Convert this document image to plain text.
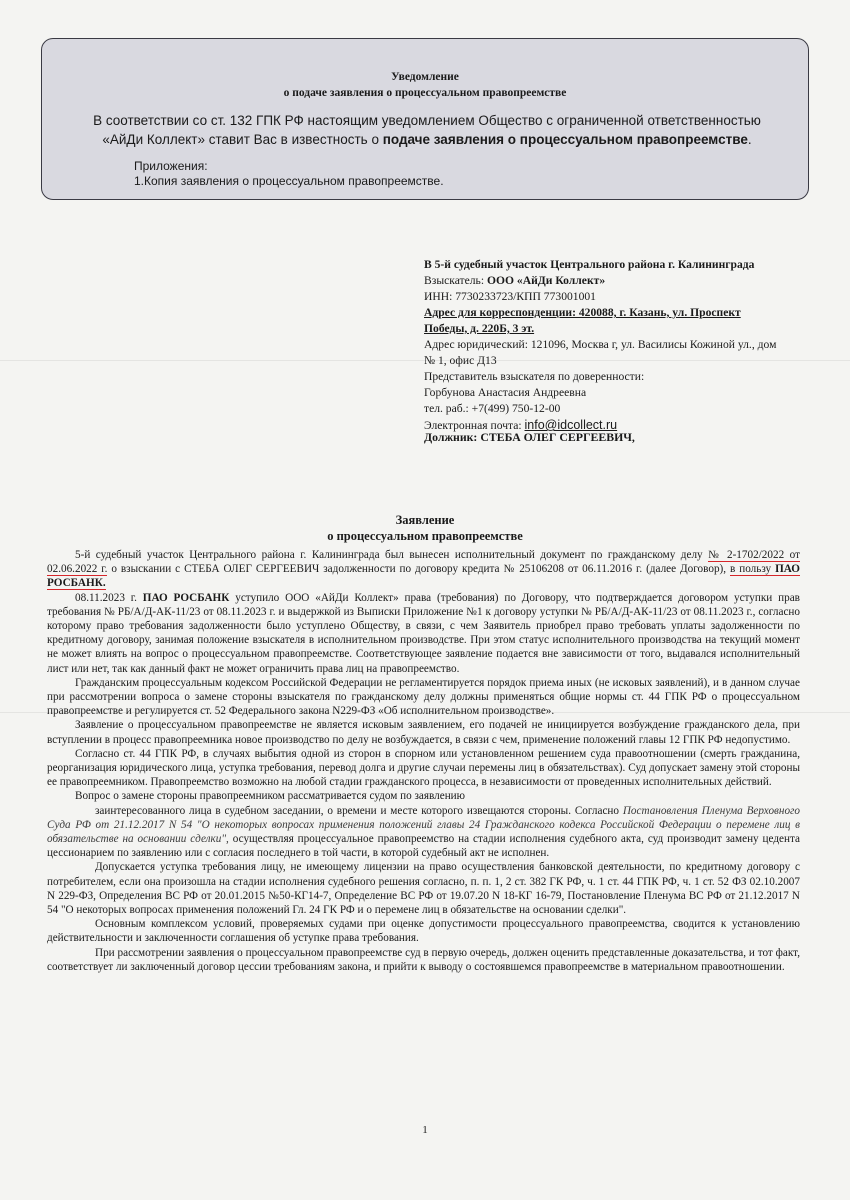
Уведомление
о подаче заявления о процессуальном правопреемстве
В соответствии со ст. 132 ГПК РФ настоящим уведомлением Общество с ограниченной ответственностью «АйДи Коллект» ставит Вас в известность о подаче заявления о процессуальном правопреемстве.
Приложения:
1.Копия заявления о процессуальном правопреемстве.
В 5-й судебный участок Центрального района г. Калининграда
Взыскатель: ООО «АйДи Коллект»
ИНН: 7730233723/КПП 773001001
Адрес для корреспонденции: 420088, г. Казань, ул. Проспект
Победы, д. 220Б, 3 эт.
Адрес юридический: 121096, Москва г, ул. Василисы Кожиной ул., дом
№ 1, офис Д13
Представитель взыскателя по доверенности:
Горбунова Анастасия Андреевна
тел. раб.: +7(499) 750-12-00
Электронная почта: info@idcollect.ru
Должник: СТЕБА ОЛЕГ СЕРГЕЕВИЧ,
Заявление
о процессуальном правопреемстве

5-й судебный участок Центрального района г. Калининграда был вынесен исполнительный документ по гражданскому делу № 2-1702/2022 от 02.06.2022 г. о взыскании с СТЕБА ОЛЕГ СЕРГЕЕВИЧ задолженности по договору кредита № 25106208 от 06.11.2016 г. (далее Договор), в пользу ПАО РОСБАНК.

08.11.2023 г. ПАО РОСБАНК уступило ООО «АйДи Коллект» права (требования) по Договору, что подтверждается договором уступки прав требования № РБ/А/Д-АК-11/23 от 08.11.2023 г. и выдержкой из Выписки Приложение №1 к договору уступки № РБ/А/Д-АК-11/23 от 08.11.2023 г., согласно которому право требования задолженности было уступлено Обществу, в связи, с чем Заявитель приобрел право требовать уплаты задолженности по кредитному договору, занимая положение взыскателя в исполнительном производстве. При этом статус исполнительного производства на текущий момент не может влиять на вопрос о процессуальном правопреемстве. Соответствующее заявление подается вне зависимости от того, выдавался исполнительный лист или нет, так как данный факт не может ограничить права лиц на правопреемство.

Гражданским процессуальным кодексом Российской Федерации не регламентируется порядок приема иных (не исковых заявлений), и в данном случае при рассмотрении вопроса о замене стороны взыскателя по гражданскому делу должны применяться общие нормы ст. 44 ГПК РФ о процессуальном правопреемстве и регулируется ст. 52 Федерального закона N229-ФЗ «Об исполнительном производстве».

Заявление о процессуальном правопреемстве не является исковым заявлением, его подачей не инициируется возбуждение гражданского дела, при вступлении в процесс правопреемника новое производство по делу не возбуждается, в связи с чем, применение положений главы 12 ГПК РФ недопустимо.

Согласно ст. 44 ГПК РФ, в случаях выбытия одной из сторон в спорном или установленном решением суда правоотношении (смерть гражданина, реорганизация юридического лица, уступка требования, перевод долга и другие случаи перемены лиц в обязательствах). Суд допускает замену этой стороны ее правопреемником. Правопреемство возможно на любой стадии гражданского процесса, в независимости от проведенных исполнительных действий.

Вопрос о замене стороны правопреемником рассматривается судом по заявлению

заинтересованного лица в судебном заседании, о времени и месте которого извещаются стороны. Согласно Постановления Пленума Верховного Суда РФ от 21.12.2017 N 54 "О некоторых вопросах применения положений главы 24 Гражданского кодекса Российской Федерации о перемене лиц в обязательстве на основании сделки", осуществляя процессуальное правопреемство на стадии исполнения судебного акта, суд производит замену цедента цессионарием по заявлению или с согласия последнего в той части, в которой судебный акт не исполнен.

Допускается уступка требования лицу, не имеющему лицензии на право осуществления банковской деятельности, по кредитному договору с потребителем, если она произошла на стадии исполнения судебного решения согласно, п. п. 1, 2 ст. 382 ГК РФ, ч. 1 ст. 44 ГПК РФ, ч. 1 ст. 52 ФЗ 02.10.2007 N 229-ФЗ, Определения ВС РФ от 20.01.2015 №50-КГ14-7, Определение ВС РФ от 19.07.20 N 18-КГ 16-79, Постановление Пленума ВС РФ от 21.12.2017 N 54 "О некоторых вопросах применения положений Гл. 24 ГК РФ и о перемене лиц в обязательстве на основании сделки".

Основным комплексом условий, проверяемых судами при оценке допустимости процессуального правопреемства, сводится к установлению действительности и заключенности соглашения об уступке права требования.

При рассмотрении заявления о процессуальном правопреемстве суд в первую очередь, должен оценить представленные доказательства, и тот факт, соответствует ли заключенный договор цессии требованиям закона, и прийти к выводу о состоявшемся правопреемстве в материальном правоотношении.

1
